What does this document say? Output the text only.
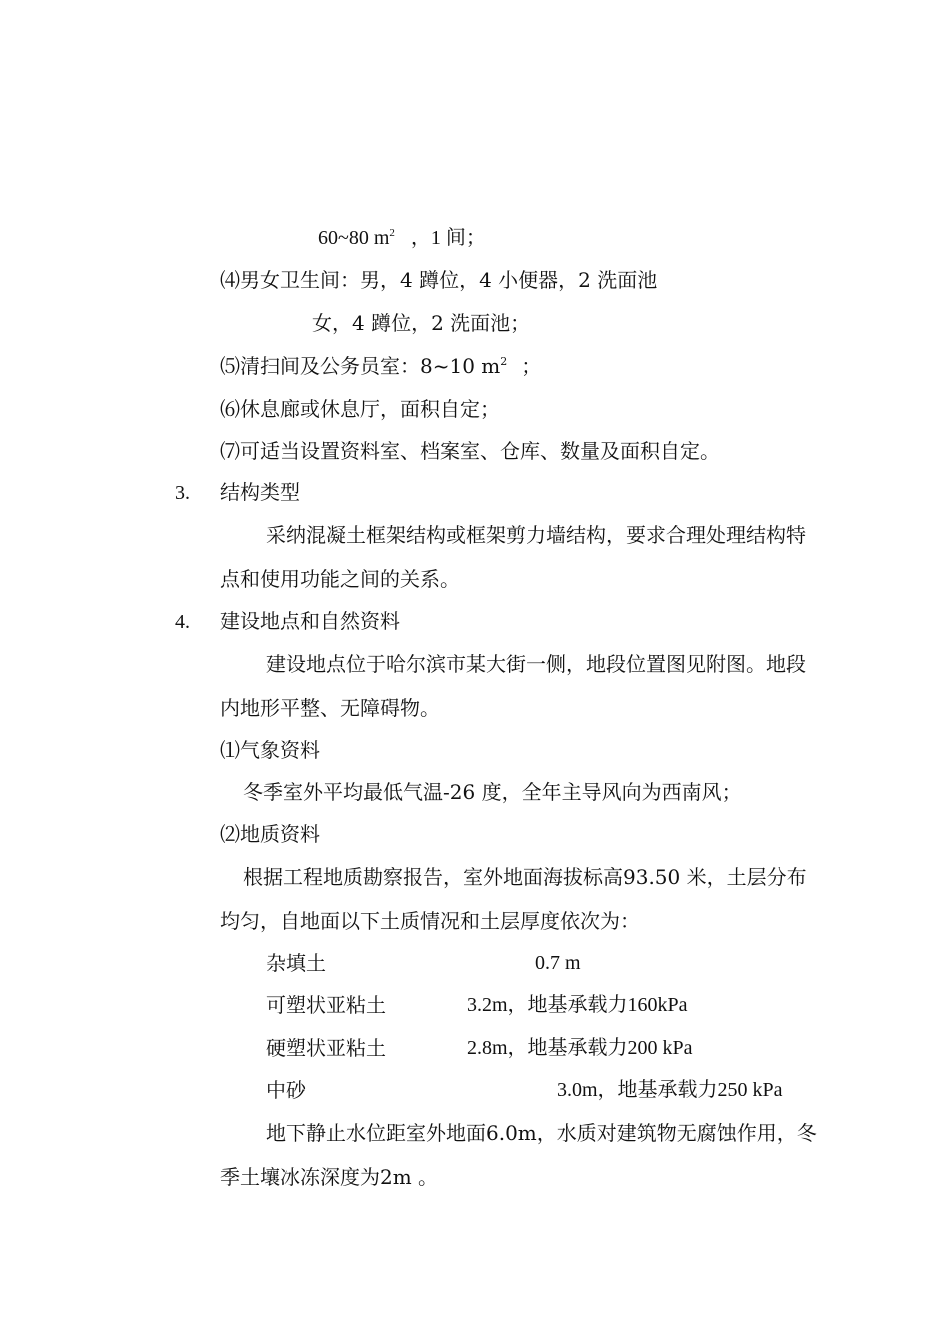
60~80 $m^2$ ，1 间；
⑷男女卫生间：男，4 蹲位，4 小便器，2 洗面池
女，4 蹲位，2 洗面池；
⑸清扫间及公务员室：8~10 $m^2$ ；
⑹休息廊或休息厅，面积自定；
⑺可适当设置资料室、档案室、仓库、数量及面积自定。
3. 结构类型
采纳混凝土框架结构或框架剪力墙结构，要求合理处理结构特
点和使用功能之间的关系。
4. 建设地点和自然资料
建设地点位于哈尔滨市某大街一侧，地段位置图见附图。地段
内地形平整、无障碍物。
⑴气象资料
冬季室外平均最低气温-26 度，全年主导风向为西南风；
⑵地质资料
根据工程地质勘察报告，室外地面海拔标高93.50 米，土层分布
均匀，自地面以下土质情况和土层厚度依次为：
杂填土	0.7 m
可塑状亚粘土	3.2m，地基承载力160kPa
硬塑状亚粘土	2.8m，地基承载力200 kPa
中砂	3.0m，地基承载力250 kPa
地下静止水位距室外地面6.0m，水质对建筑物无腐蚀作用，冬
季土壤冰冻深度为2m 。
